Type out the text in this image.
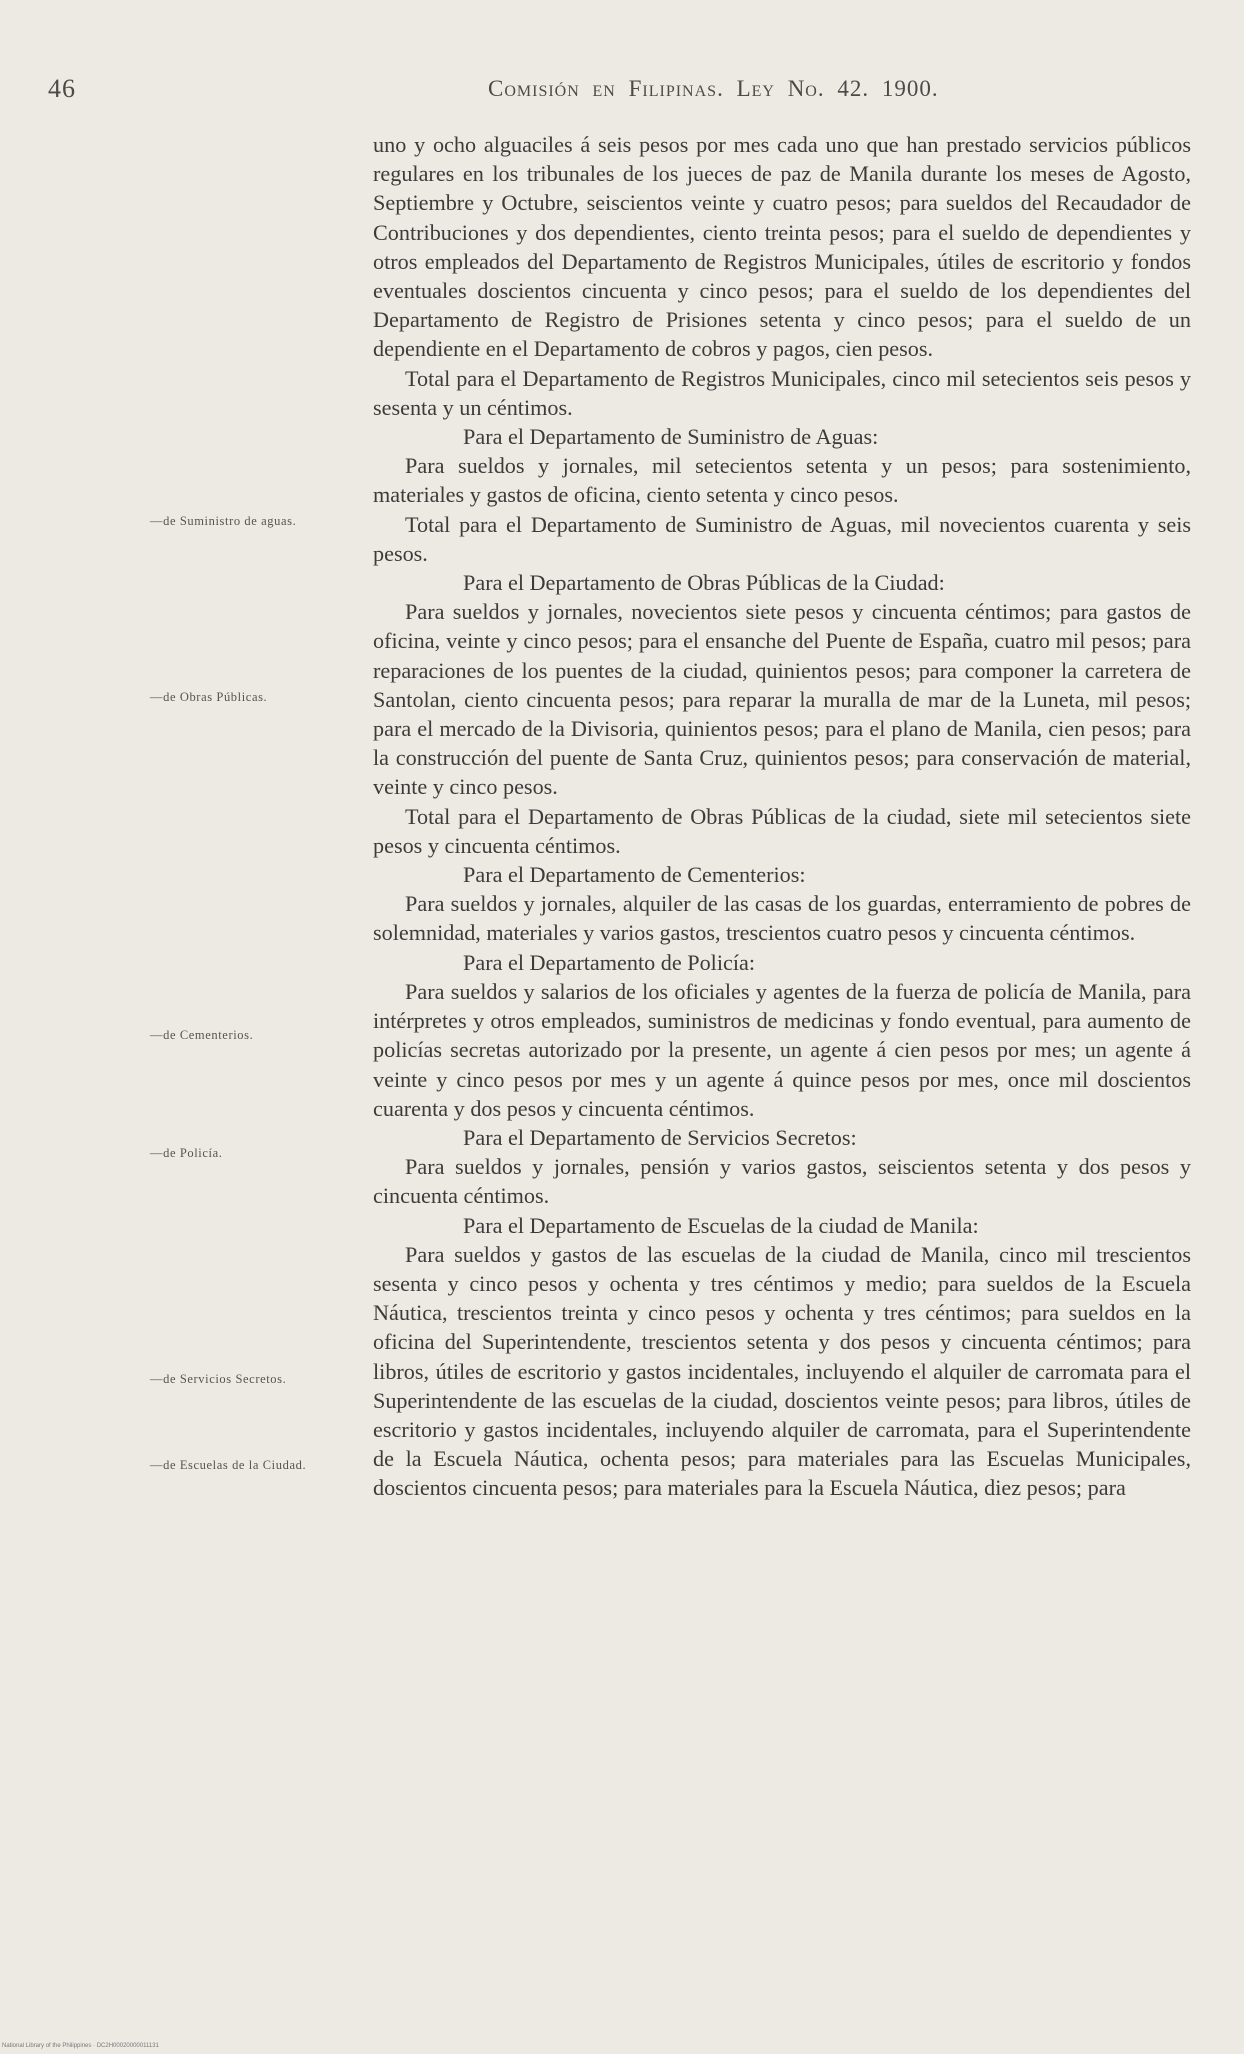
46	Comisión en Filipinas. Ley No. 42. 1900.

uno y ocho alguaciles á seis pesos por mes cada uno que han prestado servicios públicos regulares en los tribunales de los jueces de paz de Manila durante los meses de Agosto, Septiembre y Octubre, seiscientos veinte y cuatro pesos; para sueldos del Recaudador de Contribuciones y dos dependientes, ciento treinta pesos; para el sueldo de dependientes y otros empleados del Departamento de Registros Municipales, útiles de escritorio y fondos eventuales doscientos cincuenta y cinco pesos; para el sueldo de los dependientes del Departamento de Registro de Prisiones setenta y cinco pesos; para el sueldo de un dependiente en el Departamento de cobros y pagos, cien pesos.

Total para el Departamento de Registros Municipales, cinco mil setecientos seis pesos y sesenta y un céntimos.

Para el Departamento de Suministro de Aguas:

Para sueldos y jornales, mil setecientos setenta y un pesos; para sostenimiento, materiales y gastos de oficina, ciento setenta y cinco pesos.

Total para el Departamento de Suministro de Aguas, mil novecientos cuarenta y seis pesos.

Para el Departamento de Obras Públicas de la Ciudad:

Para sueldos y jornales, novecientos siete pesos y cincuenta céntimos; para gastos de oficina, veinte y cinco pesos; para el ensanche del Puente de España, cuatro mil pesos; para reparaciones de los puentes de la ciudad, quinientos pesos; para componer la carretera de Santolan, ciento cincuenta pesos; para reparar la muralla de mar de la Luneta, mil pesos; para el mercado de la Divisoria, quinientos pesos; para el plano de Manila, cien pesos; para la construcción del puente de Santa Cruz, quinientos pesos; para conservación de material, veinte y cinco pesos.

Total para el Departamento de Obras Públicas de la ciudad, siete mil setecientos siete pesos y cincuenta céntimos.

Para el Departamento de Cementerios:

Para sueldos y jornales, alquiler de las casas de los guardas, enterramiento de pobres de solemnidad, materiales y varios gastos, trescientos cuatro pesos y cincuenta céntimos.

Para el Departamento de Policía:

Para sueldos y salarios de los oficiales y agentes de la fuerza de policía de Manila, para intérpretes y otros empleados, suministros de medicinas y fondo eventual, para aumento de policías secretas autorizado por la presente, un agente á cien pesos por mes; un agente á veinte y cinco pesos por mes y un agente á quince pesos por mes, once mil doscientos cuarenta y dos pesos y cincuenta céntimos.

Para el Departamento de Servicios Secretos:

Para sueldos y jornales, pensión y varios gastos, seiscientos setenta y dos pesos y cincuenta céntimos.

Para el Departamento de Escuelas de la ciudad de Manila:

Para sueldos y gastos de las escuelas de la ciudad de Manila, cinco mil trescientos sesenta y cinco pesos y ochenta y tres céntimos y medio; para sueldos de la Escuela Náutica, trescientos treinta y cinco pesos y ochenta y tres céntimos; para sueldos en la oficina del Superintendente, trescientos setenta y dos pesos y cincuenta céntimos; para libros, útiles de escritorio y gastos incidentales, incluyendo el alquiler de carromata para el Superintendente de las escuelas de la ciudad, doscientos veinte pesos; para libros, útiles de escritorio y gastos incidentales, incluyendo alquiler de carromata, para el Superintendente de la Escuela Náutica, ochenta pesos; para materiales para las Escuelas Municipales, doscientos cincuenta pesos; para materiales para la Escuela Náutica, diez pesos; para

—de Suministro de aguas.
—de Obras Públicas.
—de Cementerios.
—de Policía.
—de Servicios Secretos.
—de Escuelas de la Ciudad.
National Library of the Philippines · DC2H00020000011131
